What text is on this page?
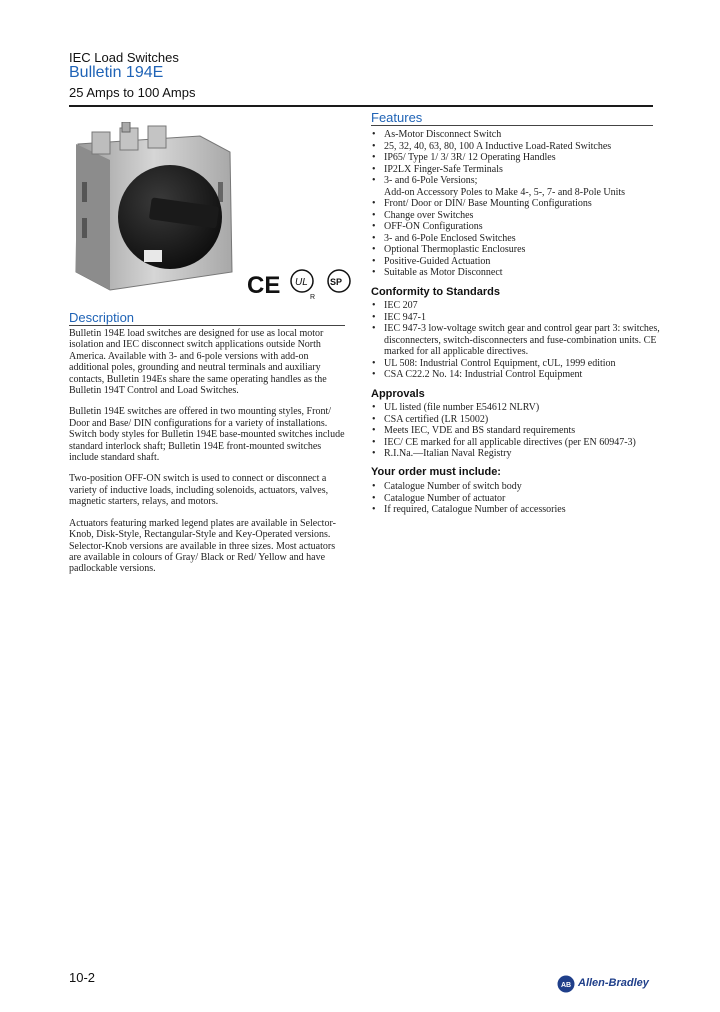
IEC Load Switches
Bulletin 194E
25 Amps to 100 Amps
CE UL
R
SP
Description

Bulletin 194E load switches are designed for use as local motor isolation and IEC disconnect switch applications outside North America. Available with 3- and 6-pole versions with add-on additional poles, grounding and neutral terminals and auxiliary contacts, Bulletin 194Es share the same operating handles as the Bulletin 194T Control and Load Switches.

Bulletin 194E switches are offered in two mounting styles, Front/ Door and Base/ DIN configurations for a variety of installations. Switch body styles for Bulletin 194E base-mounted switches include standard interlock shaft; Bulletin 194E front-mounted switches include standard shaft.

Two-position OFF-ON switch is used to connect or disconnect a variety of inductive loads, including solenoids, actuators, valves, magnetic starters, relays, and motors.

Actuators featuring marked legend plates are available in Selector-Knob, Disk-Style, Rectangular-Style and Key-Operated versions. Selector-Knob versions are available in three sizes. Most actuators are available in colours of Gray/ Black or Red/ Yellow and have padlockable versions.

Features
• As-Motor Disconnect Switch
• 25, 32, 40, 63, 80, 100 A Inductive Load-Rated Switches
• IP65/ Type 1/ 3/ 3R/ 12 Operating Handles
• IP2LX Finger-Safe Terminals
• 3- and 6-Pole Versions;
Add-on Accessory Poles to Make 4-, 5-, 7- and 8-Pole Units
• Front/ Door or DIN/ Base Mounting Configurations
• Change over Switches
• OFF-ON Configurations
• 3- and 6-Pole Enclosed Switches
• Optional Thermoplastic Enclosures
• Positive-Guided Actuation
• Suitable as Motor Disconnect
Conformity to Standards
• IEC 207
• IEC 947-1
• IEC 947-3 low-voltage switch gear and control gear part 3: switches, disconnecters, switch-disconnecters and fuse-combination units. CE marked for all applicable directives.
• UL 508: Industrial Control Equipment, cUL, 1999 edition
• CSA C22.2 No. 14: Industrial Control Equipment
Approvals
• UL listed (file number E54612 NLRV)
• CSA certified (LR 15002)
• Meets IEC, VDE and BS standard requirements
• IEC/ CE marked for all applicable directives (per EN 60947-3)
• R.I.Na.—Italian Naval Registry
Your order must include:
• Catalogue Number of switch body
• Catalogue Number of actuator
• If required, Catalogue Number of accessories
10-2
AB Allen-Bradley
